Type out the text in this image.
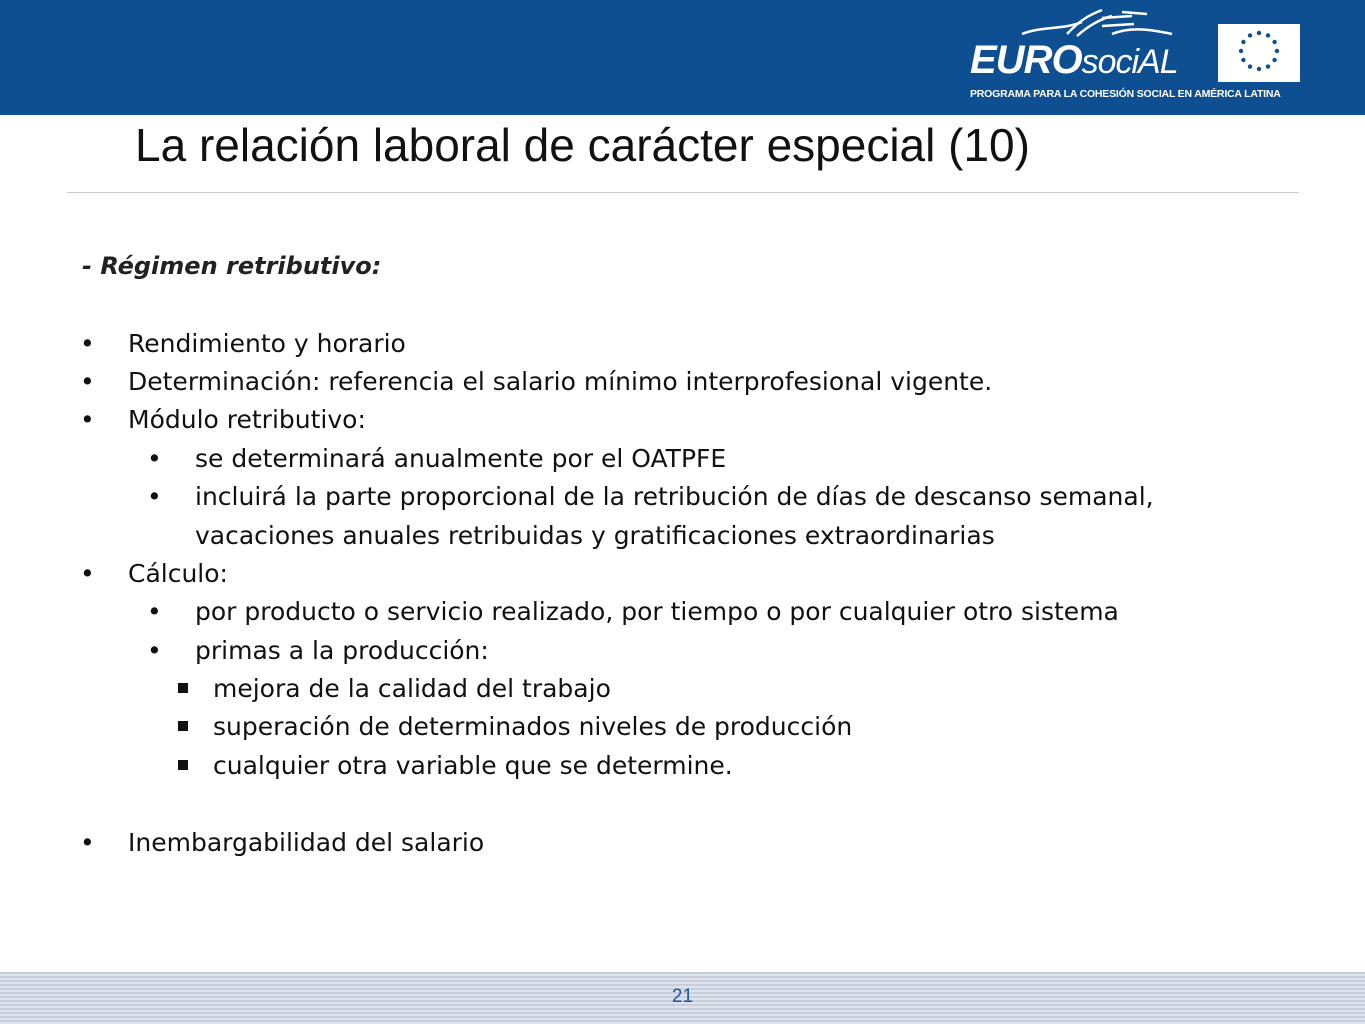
EUROsociAL
PROGRAMA PARA LA COHESIÓN SOCIAL EN AMÉRICA LATINA
La relación laboral de carácter especial (10)
- Régimen retributivo:
• Rendimiento y horario
• Determinación: referencia el salario mínimo interprofesional vigente.
• Módulo retributivo:
• se determinará anualmente por el OATPFE
• incluirá la parte proporcional de la retribución de días de descanso semanal,
vacaciones anuales retribuidas y gratificaciones extraordinarias
• Cálculo:
• por producto o servicio realizado, por tiempo o por cualquier otro sistema
• primas a la producción:
mejora de la calidad del trabajo
superación de determinados niveles de producción
cualquier otra variable que se determine.
• Inembargabilidad del salario
21
